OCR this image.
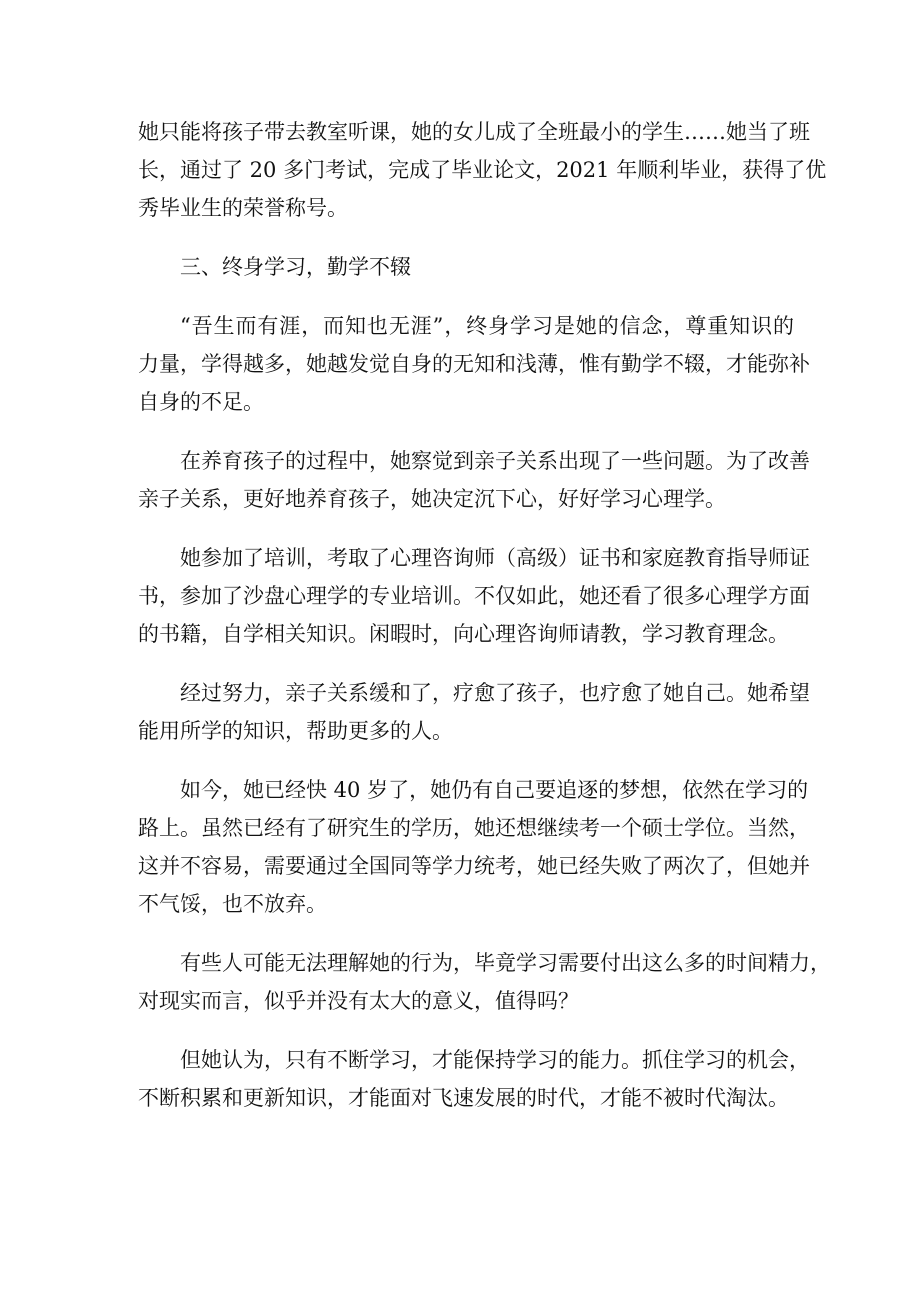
她只能将孩子带去教室听课，她的女儿成了全班最小的学生……她当了班
长，通过了 20 多门考试，完成了毕业论文，2021 年顺利毕业，获得了优
秀毕业生的荣誉称号。
三、终身学习，勤学不辍
“吾生而有涯，而知也无涯”，终身学习是她的信念，尊重知识的
力量，学得越多，她越发觉自身的无知和浅薄，惟有勤学不辍，才能弥补
自身的不足。
在养育孩子的过程中，她察觉到亲子关系出现了一些问题。为了改善
亲子关系，更好地养育孩子，她决定沉下心，好好学习心理学。
她参加了培训，考取了心理咨询师（高级）证书和家庭教育指导师证
书，参加了沙盘心理学的专业培训。不仅如此，她还看了很多心理学方面
的书籍，自学相关知识。闲暇时，向心理咨询师请教，学习教育理念。
经过努力，亲子关系缓和了，疗愈了孩子，也疗愈了她自己。她希望
能用所学的知识，帮助更多的人。
如今，她已经快 40 岁了，她仍有自己要追逐的梦想，依然在学习的
路上。虽然已经有了研究生的学历，她还想继续考一个硕士学位。当然，
这并不容易，需要通过全国同等学力统考，她已经失败了两次了，但她并
不气馁，也不放弃。
有些人可能无法理解她的行为，毕竟学习需要付出这么多的时间精力，
对现实而言，似乎并没有太大的意义，值得吗？
但她认为，只有不断学习，才能保持学习的能力。抓住学习的机会，
不断积累和更新知识，才能面对飞速发展的时代，才能不被时代淘汰。
